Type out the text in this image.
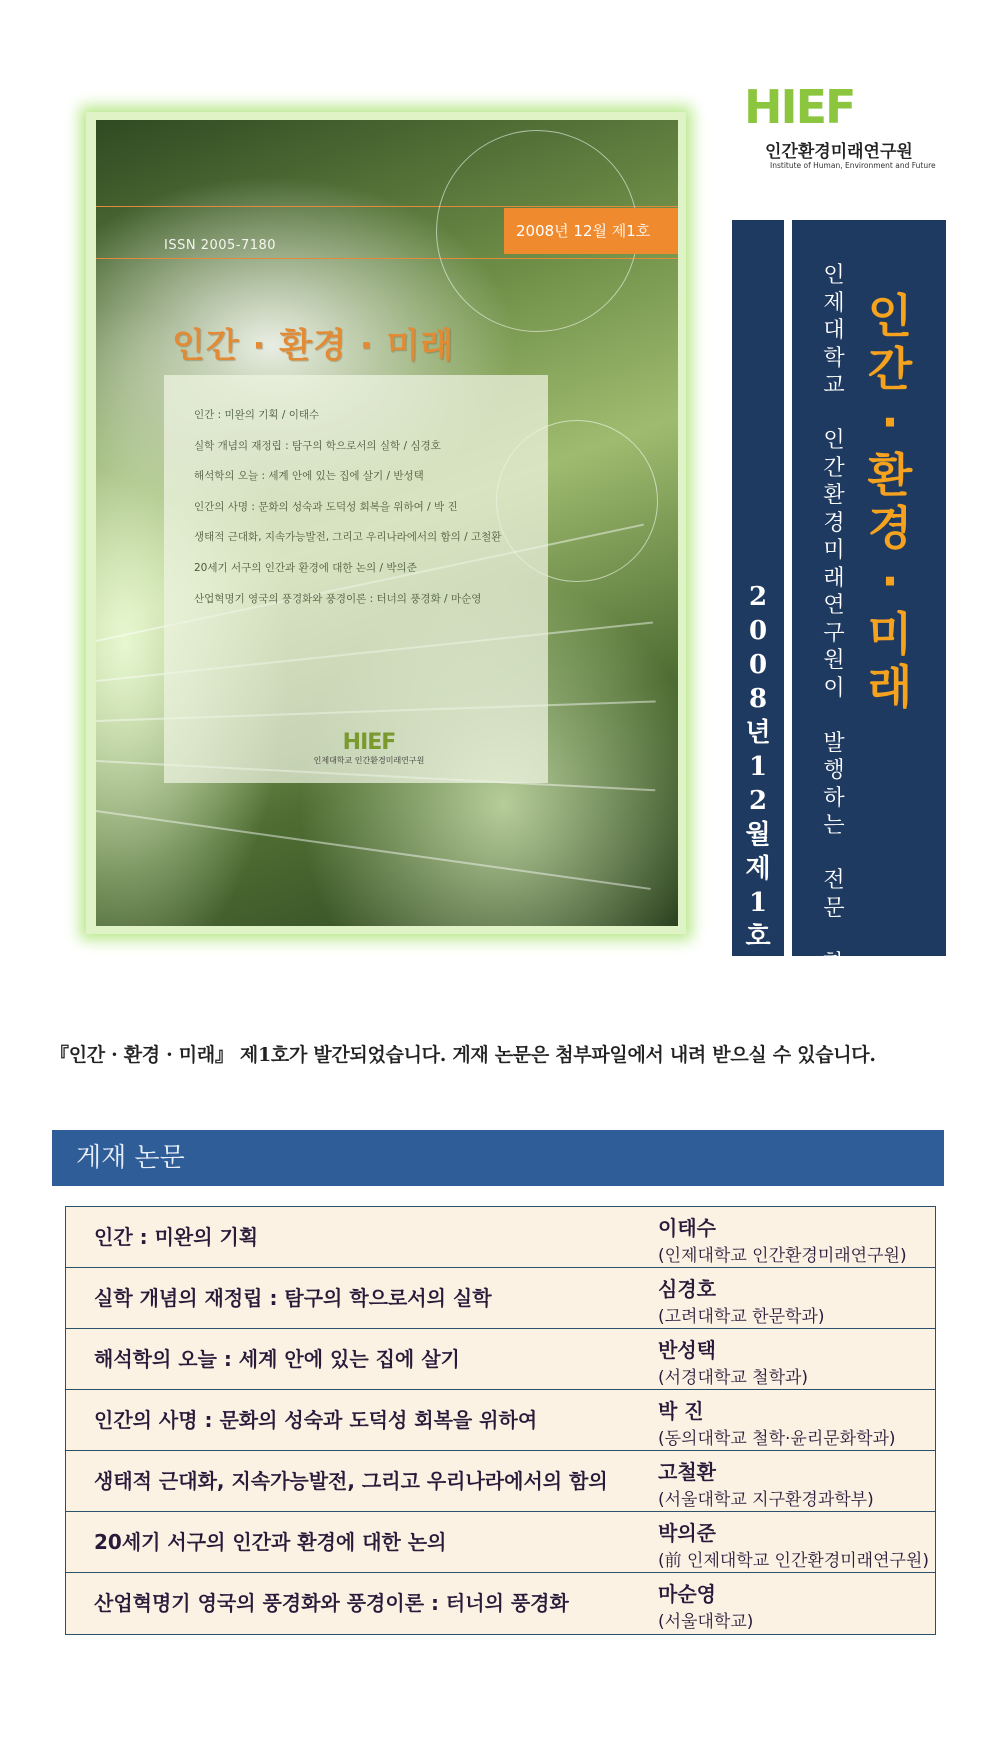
ISSN 2005-7180
2008년 12월 제1호
인간 · 환경 · 미래
인간 : 미완의 기획 / 이태수
실학 개념의 재정립 : 탐구의 학으로서의 실학 / 심경호
해석학의 오늘 : 세계 안에 있는 집에 살기 / 반성택
인간의 사명 : 문화의 성숙과 도덕성 회복을 위하여 / 박 진
생태적 근대화, 지속가능발전, 그리고 우리나라에서의 함의 / 고철환
20세기 서구의 인간과 환경에 대한 논의 / 박의준
산업혁명기 영국의 풍경화와 풍경이론 : 터너의 풍경화 / 마순영
HIEF
인제대학교 인간환경미래연구원
HIEF
인간환경미래연구원
Institute of Human, Environment and Future
2
0
0
8
년
1
2
월
제
1
호
인
제
대
학
교

인
간
환
경
미
래
연
구
원
이

발
행
하
는

전
문

학
술
지
인
간
·
환
경
·
미
래
『인간 · 환경 · 미래』 제1호가 발간되었습니다. 게재 논문은 첨부파일에서 내려 받으실 수 있습니다.
게재 논문
인간 : 미완의 기획	이태수
(인제대학교 인간환경미래연구원)
실학 개념의 재정립 : 탐구의 학으로서의 실학	심경호
(고려대학교 한문학과)
해석학의 오늘 : 세계 안에 있는 집에 살기	반성택
(서경대학교 철학과)
인간의 사명 : 문화의 성숙과 도덕성 회복을 위하여	박 진
(동의대학교 철학·윤리문화학과)
생태적 근대화, 지속가능발전, 그리고 우리나라에서의 함의	고철환
(서울대학교 지구환경과학부)
20세기 서구의 인간과 환경에 대한 논의	박의준
(前 인제대학교 인간환경미래연구원)
산업혁명기 영국의 풍경화와 풍경이론 : 터너의 풍경화	마순영
(서울대학교)
